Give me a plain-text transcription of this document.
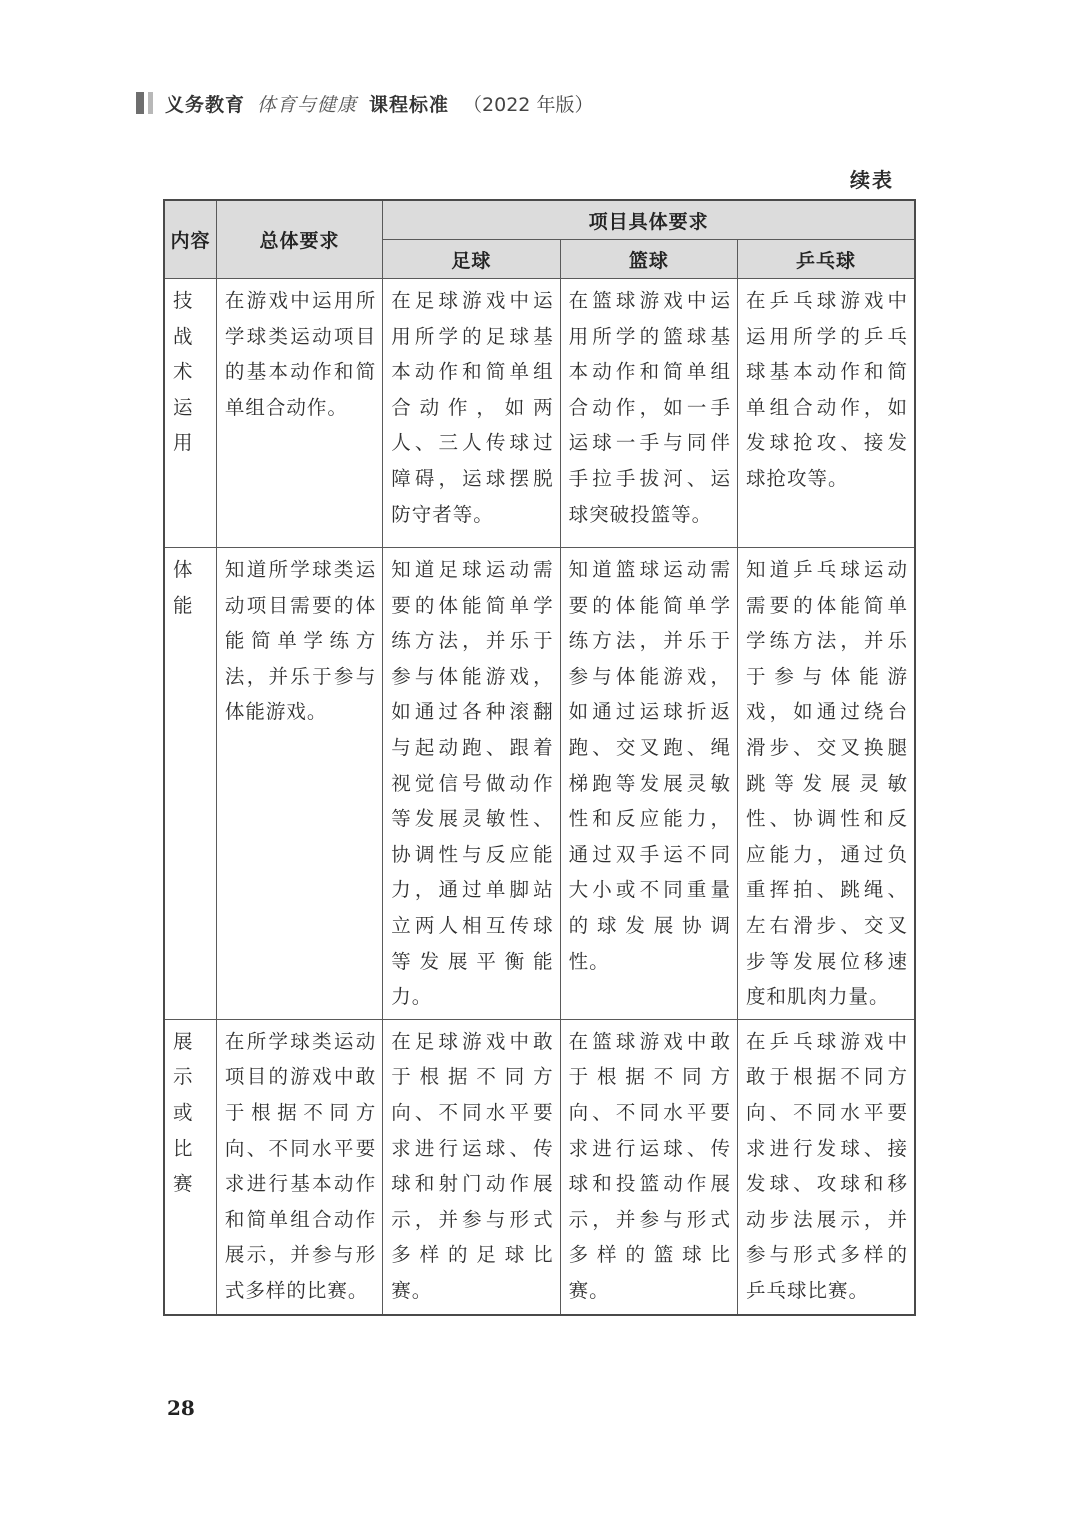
义务教育 体育与健康 课程标准 （2022 年版）
续表
内容	总体要求	项目具体要求		
		足球	篮球	乒乓球
技战术运用	在游戏中运用所学球类运动项目的基本动作和简单组合动作。	在足球游戏中运用所学的足球基本动作和简单组合动作，如两人、三人传球过障碍，运球摆脱防守者等。	在篮球游戏中运用所学的篮球基本动作和简单组合动作，如一手运球一手与同伴手拉手拔河、运球突破投篮等。	在乒乓球游戏中运用所学的乒乓球基本动作和简单组合动作，如发球抢攻、接发球抢攻等。
体能	知道所学球类运动项目需要的体能简单学练方法，并乐于参与体能游戏。	知道足球运动需要的体能简单学练方法，并乐于参与体能游戏，如通过各种滚翻与起动跑、跟着视觉信号做动作等发展灵敏性、协调性与反应能力，通过单脚站立两人相互传球等发展平衡能力。	知道篮球运动需要的体能简单学练方法，并乐于参与体能游戏，如通过运球折返跑、交叉跑、绳梯跑等发展灵敏性和反应能力，通过双手运不同大小或不同重量的球发展协调性。	知道乒乓球运动需要的体能简单学练方法，并乐于参与体能游戏，如通过绕台滑步、交叉换腿跳等发展灵敏性、协调性和反应能力，通过负重挥拍、跳绳、左右滑步、交叉步等发展位移速度和肌肉力量。
展示或比赛	在所学球类运动项目的游戏中敢于根据不同方向、不同水平要求进行基本动作和简单组合动作展示，并参与形式多样的比赛。	在足球游戏中敢于根据不同方向、不同水平要求进行运球、传球和射门动作展示，并参与形式多样的足球比赛。	在篮球游戏中敢于根据不同方向、不同水平要求进行运球、传球和投篮动作展示，并参与形式多样的篮球比赛。	在乒乓球游戏中敢于根据不同方向、不同水平要求进行发球、接发球、攻球和移动步法展示，并参与形式多样的乒乓球比赛。
28
